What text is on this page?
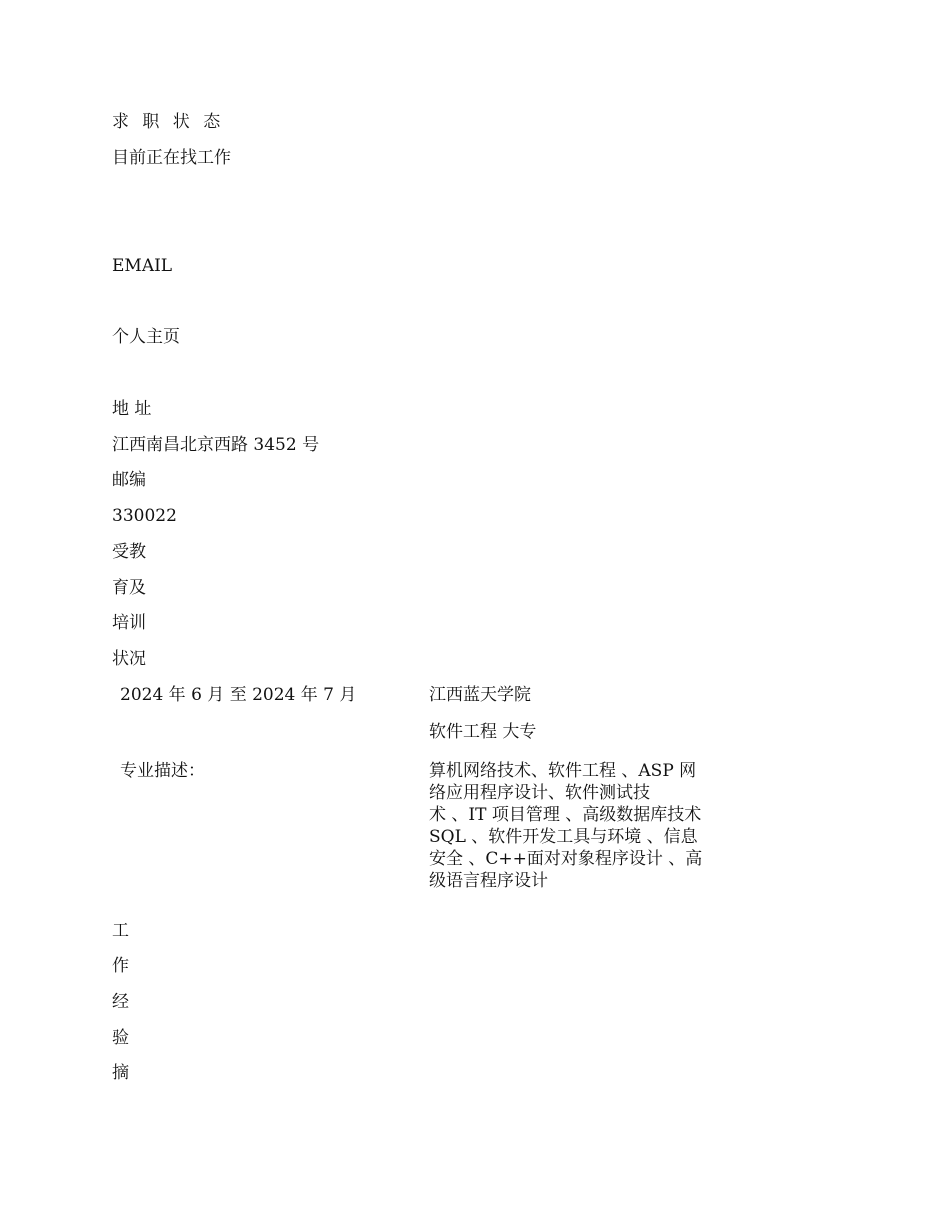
求 职 状 态

目前正在找工作

EMAIL

个人主页

地 址

江西南昌北京西路 3452 号

邮编

330022

受教

育及

培训

状况

2024 年 6 月 至 2024 年 7 月	江西蓝天学院

软件工程 大专

专业描述：	算机网络技术、软件工程 、ASP 网
络应用程序设计、软件测试技
术 、IT 项目管理 、高级数据库技术
SQL 、软件开发工具与环境 、信息
安全 、C++面对对象程序设计 、高
级语言程序设计

工

作

经

验

摘
